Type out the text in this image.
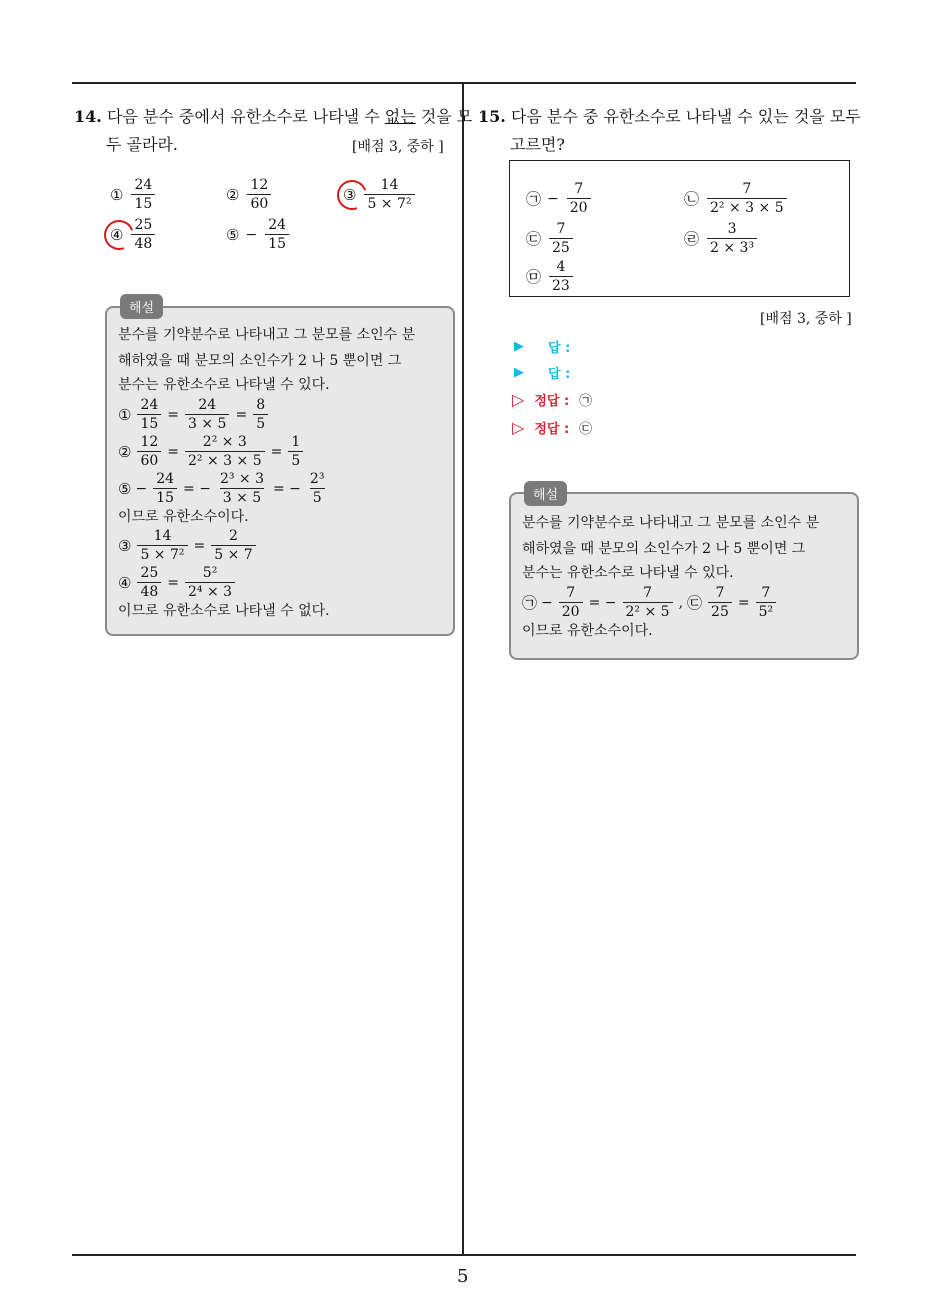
5
14. 다음 분수 중에서 유한소수로 나타낼 수 없는 것을 모
두 골라라.	[배점 3, 중하 ]
① $\frac{24}{15}$	② $\frac{12}{60}$	③ $\frac{14}{\text{5 × 7²}}$
④ $\frac{25}{48}$	⑤ − $\frac{24}{15}$
해설
분수를 기약분수로 나타내고 그 분모를 소인수 분
해하였을 때 분모의 소인수가 2 나 5 뿐이면 그
분수는 유한소수로 나타낼 수 있다.
① $\frac{24}{15} = \frac{24}{3 \times 5} = \frac{8}{5}$
② $\frac{12}{60} = \frac{\text{2² × 3}}{\text{2² × 3 × 5}} = \frac{1}{5}$
⑤ − $\frac{24}{15}$ = − $\frac{\text{2³ × 3}}{3 \times 5}$ = − $\frac{\text{2³}}{5}$
이므로 유한소수이다.
③ $\frac{14}{\text{5 × 7²}} = \frac{2}{5 \times 7}$
④ $\frac{25}{48} = \frac{\text{5²}}{\text{2⁴ × 3}}$
이므로 유한소수로 나타낼 수 없다.
15. 다음 분수 중 유한소수로 나타낼 수 있는 것을 모두
고르면?
㉠ − $\frac{7}{20}$	㉡ $\frac{7}{\text{2² × 3 × 5}}$
㉢ $\frac{7}{25}$	㉣ $\frac{3}{\text{2 × 3³}}$
㉤ $\frac{4}{23}$
[배점 3, 중하 ]
▶ 답 :
▶ 답 :
▷ 정답 : ㉠
▷ 정답 : ㉢
해설
분수를 기약분수로 나타내고 그 분모를 소인수 분
해하였을 때 분모의 소인수가 2 나 5 뿐이면 그
분수는 유한소수로 나타낼 수 있다.
㉠ − $\frac{7}{20}$ = − $\frac{7}{\text{2² × 5}}$ , ㉢ $\frac{7}{25} = \frac{7}{\text{5²}}$
이므로 유한소수이다.
